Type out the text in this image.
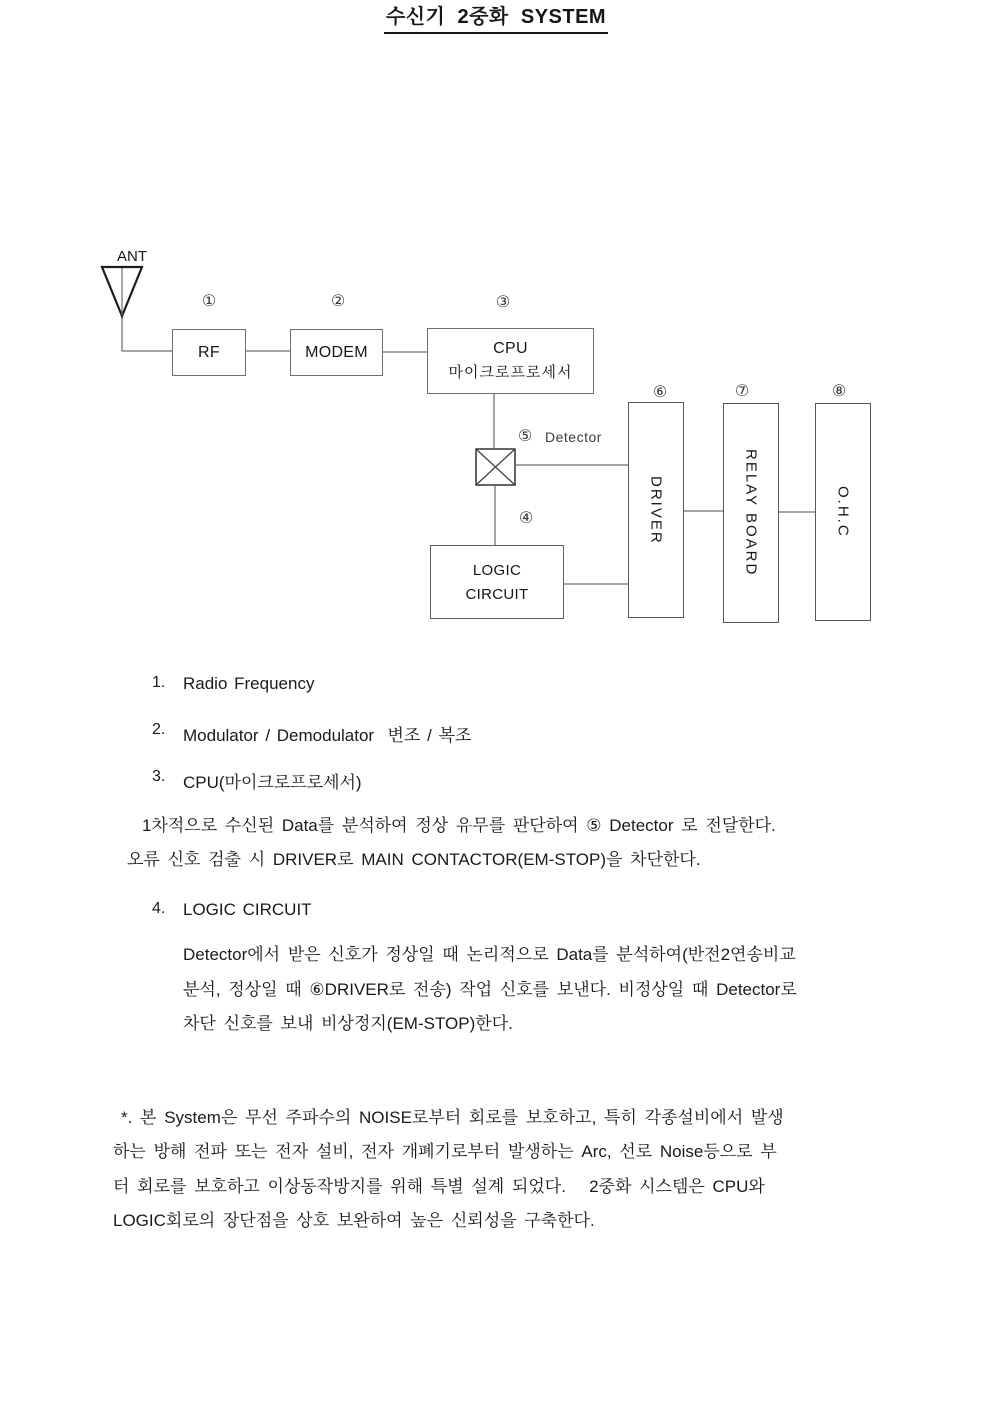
수신기  2중화  SYSTEM
ANT
①	②	③
④
⑤
⑥	⑦	⑧
RF	MODEM	CPU
마이크로프로세서
Detector
LOGIC
CIRCUIT
DRIVER	RELAY BOARD	O.H.C
1.	Radio Frequency
2.	Modulator / Demodulator  변조 / 복조
3.	CPU(마이크로프로세서)
1차적으로 수신된 Data를 분석하여 정상 유무를 판단하여 ⑤ Detector 로 전달한다.
오류 신호 검출 시 DRIVER로 MAIN CONTACTOR(EM-STOP)을 차단한다.
4.	LOGIC CIRCUIT
Detector에서 받은 신호가 정상일 때 논리적으로 Data를 분석하여(반전2연송비교
분석, 정상일 때 ⑥DRIVER로 전송) 작업 신호를 보낸다. 비정상일 때 Detector로
차단 신호를 보내 비상정지(EM-STOP)한다.
*. 본 System은 무선 주파수의 NOISE로부터 회로를 보호하고, 특히 각종설비에서 발생
하는 방해 전파 또는 전자 설비, 전자 개폐기로부터 발생하는 Arc, 선로 Noise등으로 부
터 회로를 보호하고 이상동작방지를 위해 특별 설계 되었다.   2중화 시스템은 CPU와
LOGIC회로의 장단점을 상호 보완하여 높은 신뢰성을 구축한다.
